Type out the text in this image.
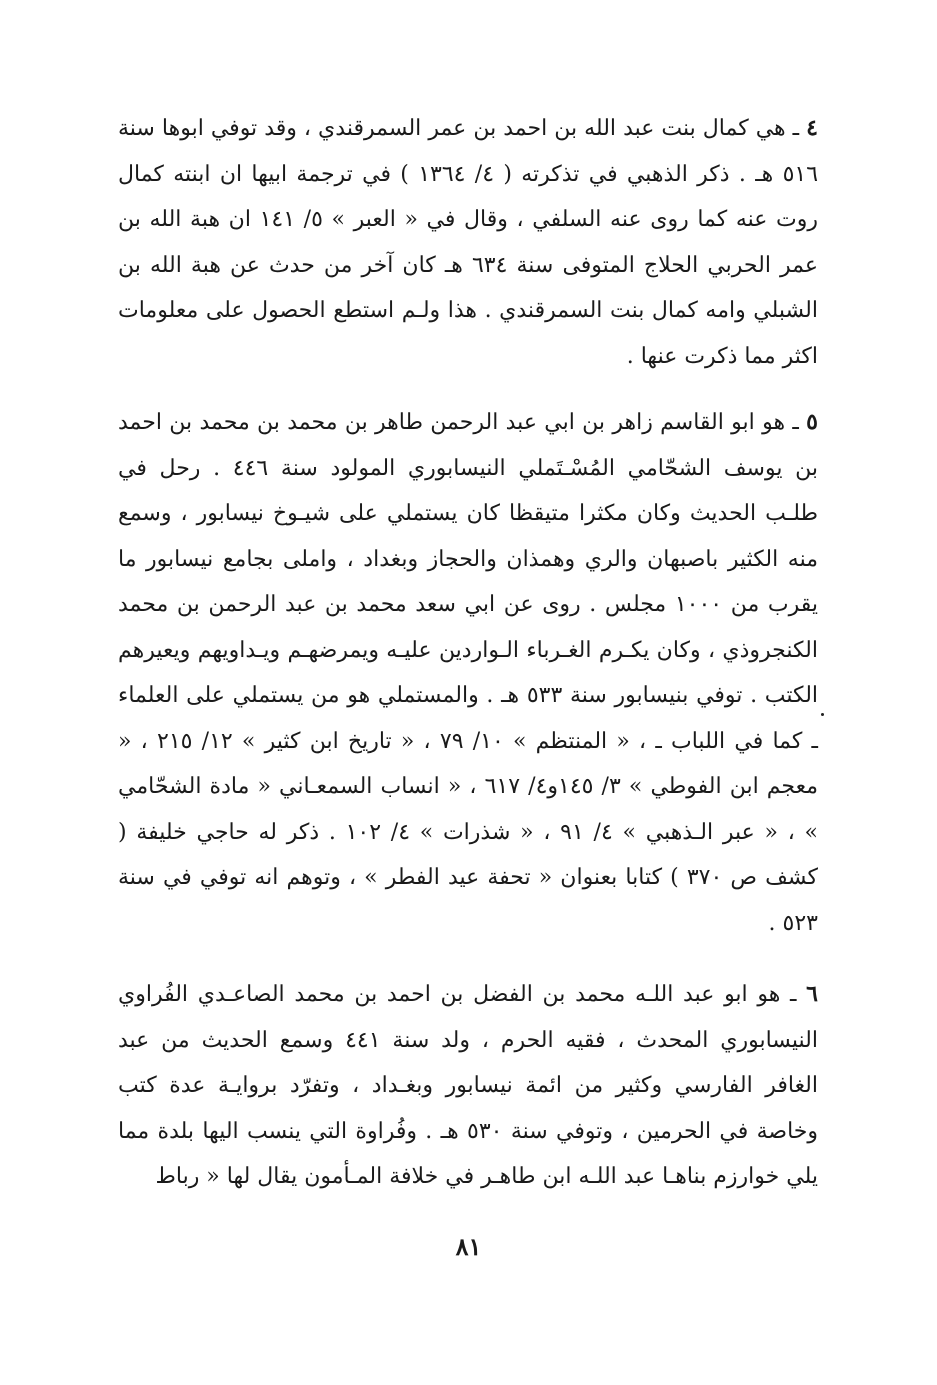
٤ ـ هي كمال بنت عبد الله بن احمد بن عمر السمرقندي ، وقد توفي ابوها سنة ٥١٦ هـ . ذكر الذهبي في تذكرته ( ٤/ ١٣٦٤ ) في ترجمة ابيها ان ابنته كمال روت عنه كما روى عنه السلفي ، وقال في « العبر » ٥/ ١٤١ ان هبة الله بن عمر الحربي الحلاج المتوفى سنة ٦٣٤ هـ كان آخر من حدث عن هبة الله بن الشبلي وامه كمال بنت السمرقندي . هذا ولـم استطع الحصول على معلومات اكثر مما ذكرت عنها .

٥ ـ هو ابو القاسم زاهر بن ابي عبد الرحمن طاهر بن محمد بن محمد بن احمد بن يوسف الشحّامي المُسْـتَملي النيسابوري المولود سنة ٤٤٦ . رحل في طلـب الحديث وكان مكثرا متيقظا كان يستملي على شيـوخ نيسابور ، وسمع منه الكثير باصبهان والري وهمذان والحجاز وبغداد ، واملى بجامع نيسابور ما يقرب من ١٠٠٠ مجلس . روى عن ابي سعد محمد بن عبد الرحمن بن محمد الكنجروذي ، وكان يكـرم الغـرباء الـواردين عليـه ويمرضهـم ويـداويهم ويعيرهم الكتب . توفي بنيسابور سنة ٥٣٣ هـ . والمستملي هو من يستملي على العلماء ـ كما في اللباب ـ ، « المنتظم » ١٠/ ٧٩ ، « تاريخ ابن كثير » ١٢/ ٢١٥ ، « معجم ابن الفوطي » ٣/ ١٤٥و٤/ ٦١٧ ، « انساب السمعـاني « مادة الشحّامي » ، « عبر الـذهبي » ٤/ ٩١ ، « شذرات » ٤/ ١٠٢ . ذكر له حاجي خليفة ( كشف ص ٣٧٠ ) كتابا بعنوان « تحفة عيد الفطر » ، وتوهم انه توفي في سنة ٥٢٣ .

٦ ـ هو ابو عبد اللـه محمد بن الفضل بن احمد بن محمد الصاعـدي الفُراوي النيسابوري المحدث ، فقيه الحرم ، ولد سنة ٤٤١ وسمع الحديث من عبد الغافر الفارسي وكثير من ائمة نيسابور وبغـداد ، وتفرّد بروايـة عدة كتب وخاصة في الحرمين ، وتوفي سنة ٥٣٠ هـ . وفُراوة التي ينسب اليها بلدة مما يلي خوارزم بناهـا عبد اللـه ابن طاهـر في خلافة المـأمون يقال لها « رباط

٨١
